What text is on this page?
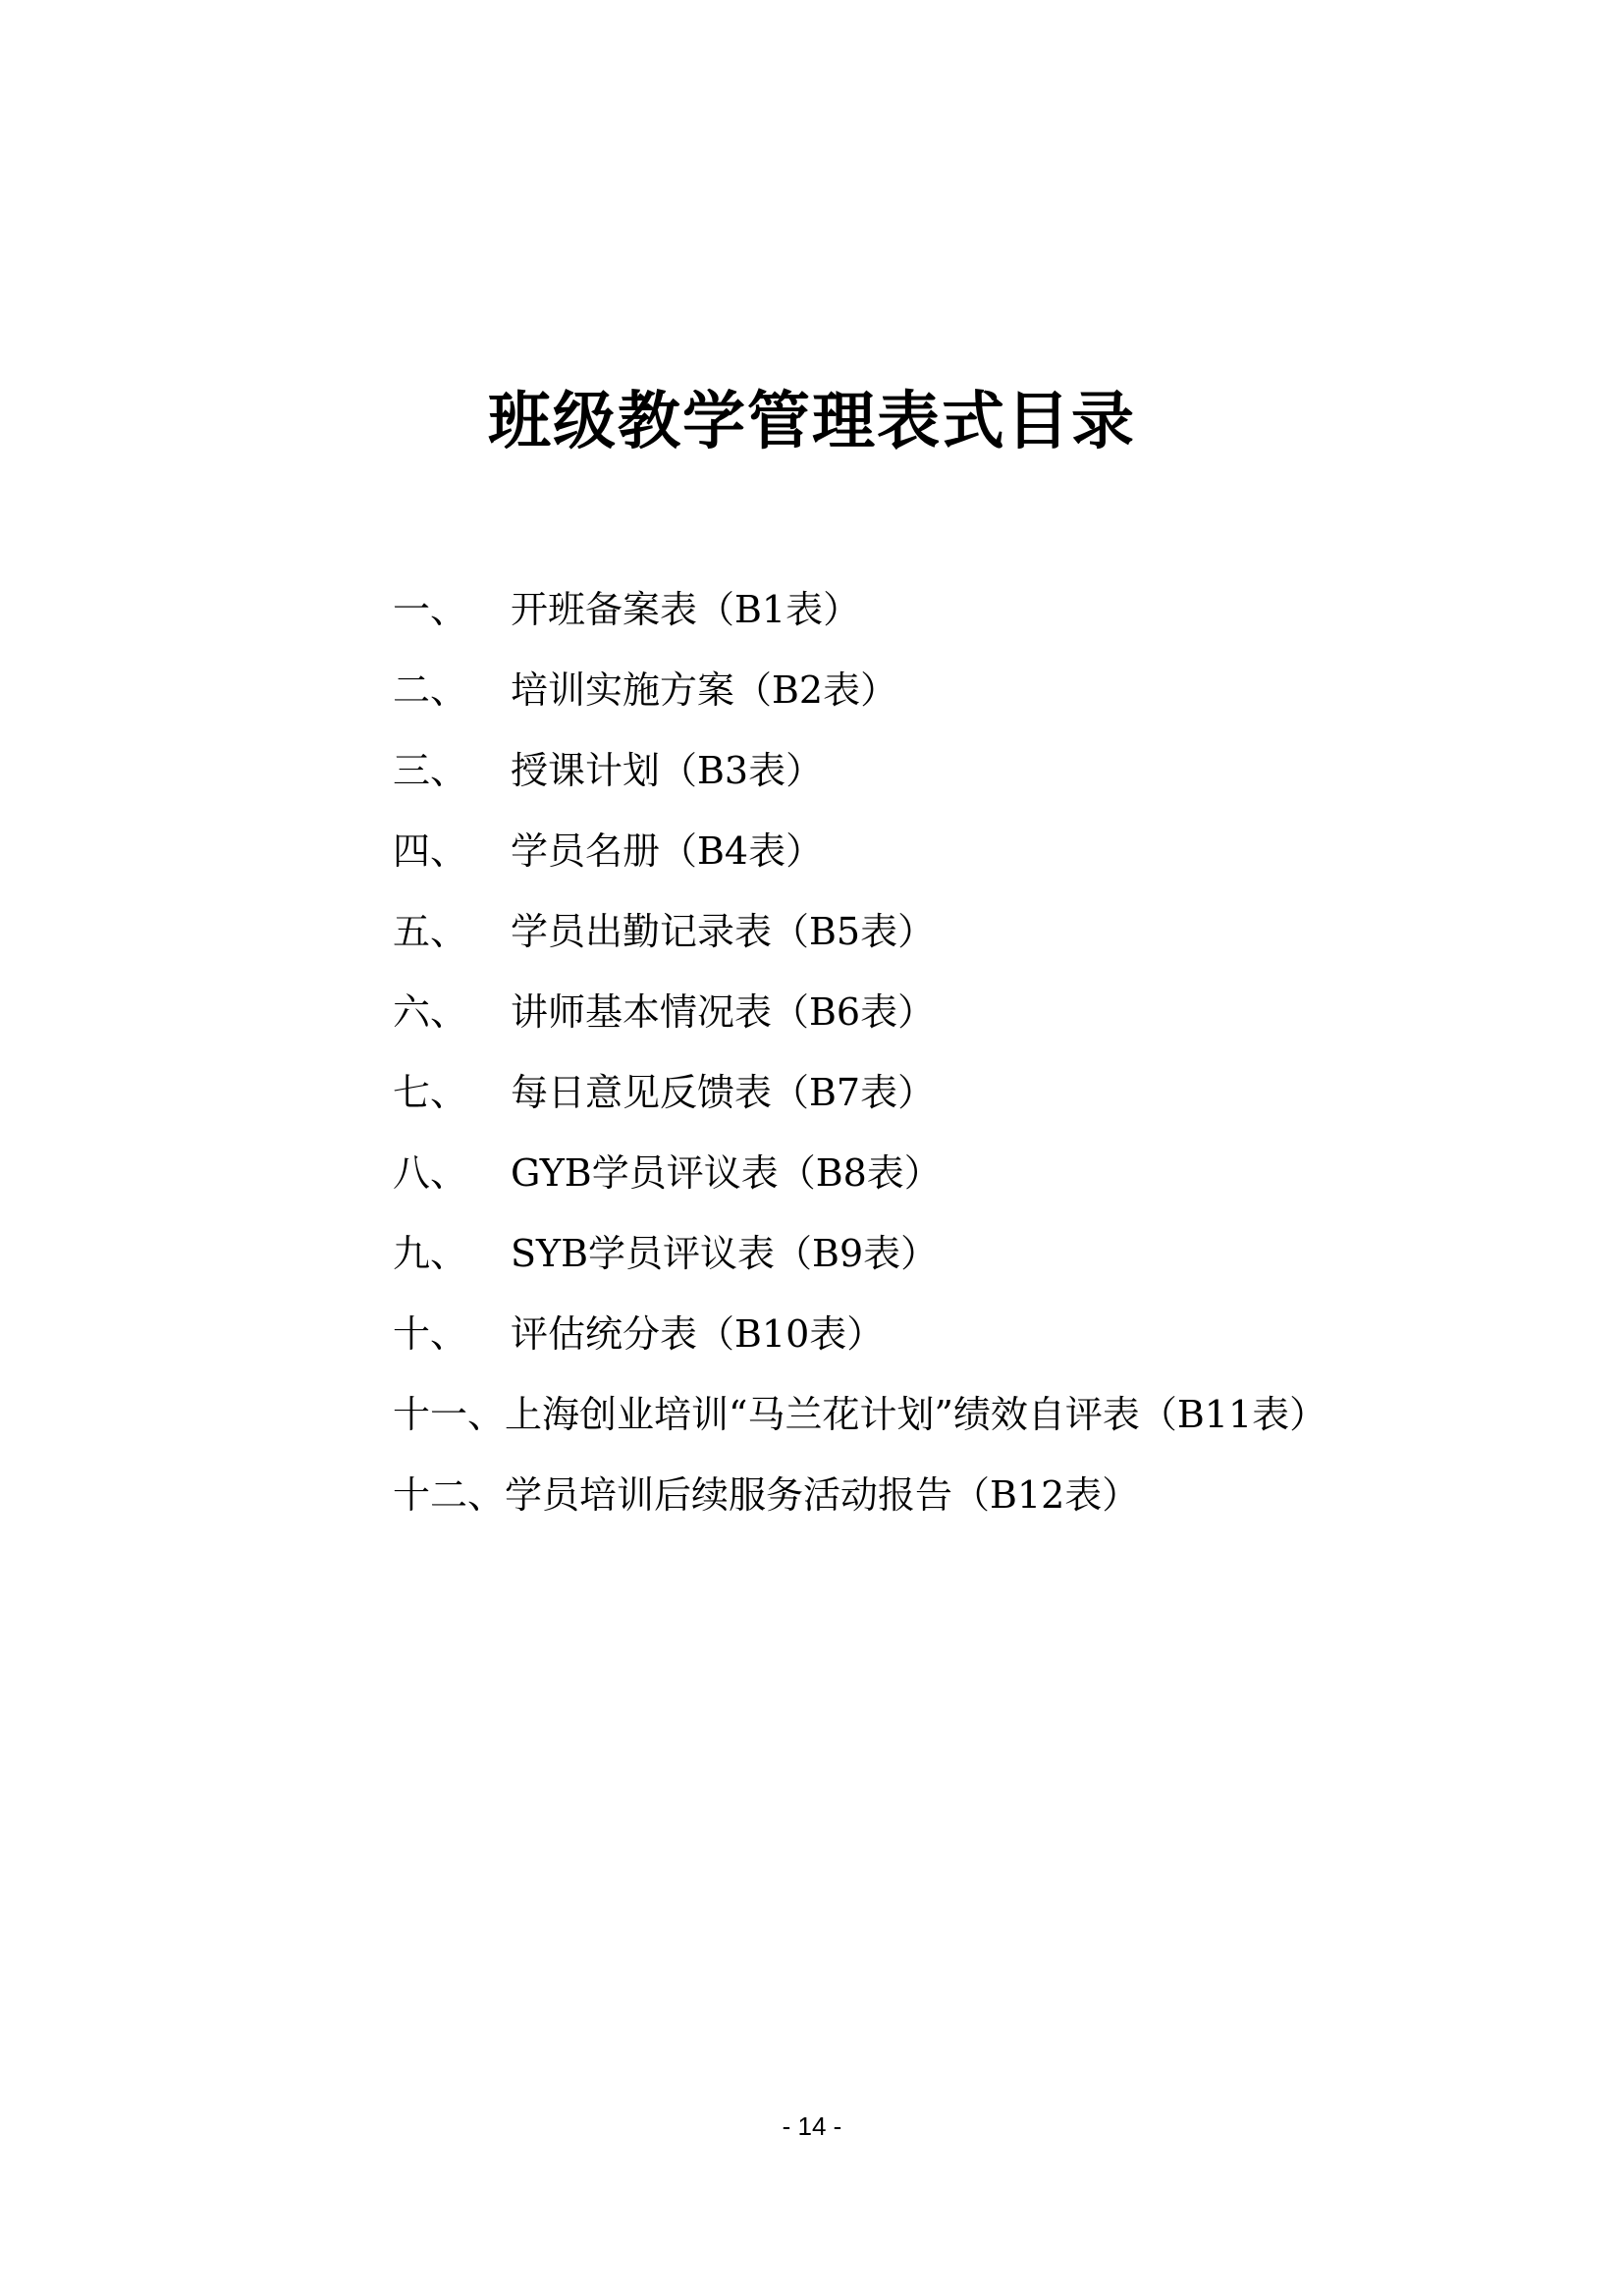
班级教学管理表式目录
一、	开班备案表（B1表）
二、	培训实施方案（B2表）
三、	授课计划（B3表）
四、	学员名册（B4表）
五、	学员出勤记录表（B5表）
六、	讲师基本情况表（B6表）
七、	每日意见反馈表（B7表）
八、	GYB学员评议表（B8表）
九、	SYB学员评议表（B9表）
十、	评估统分表（B10表）
十一、 上海创业培训“马兰花计划”绩效自评表（B11表）
十二、 学员培训后续服务活动报告（B12表）
- 14 -
